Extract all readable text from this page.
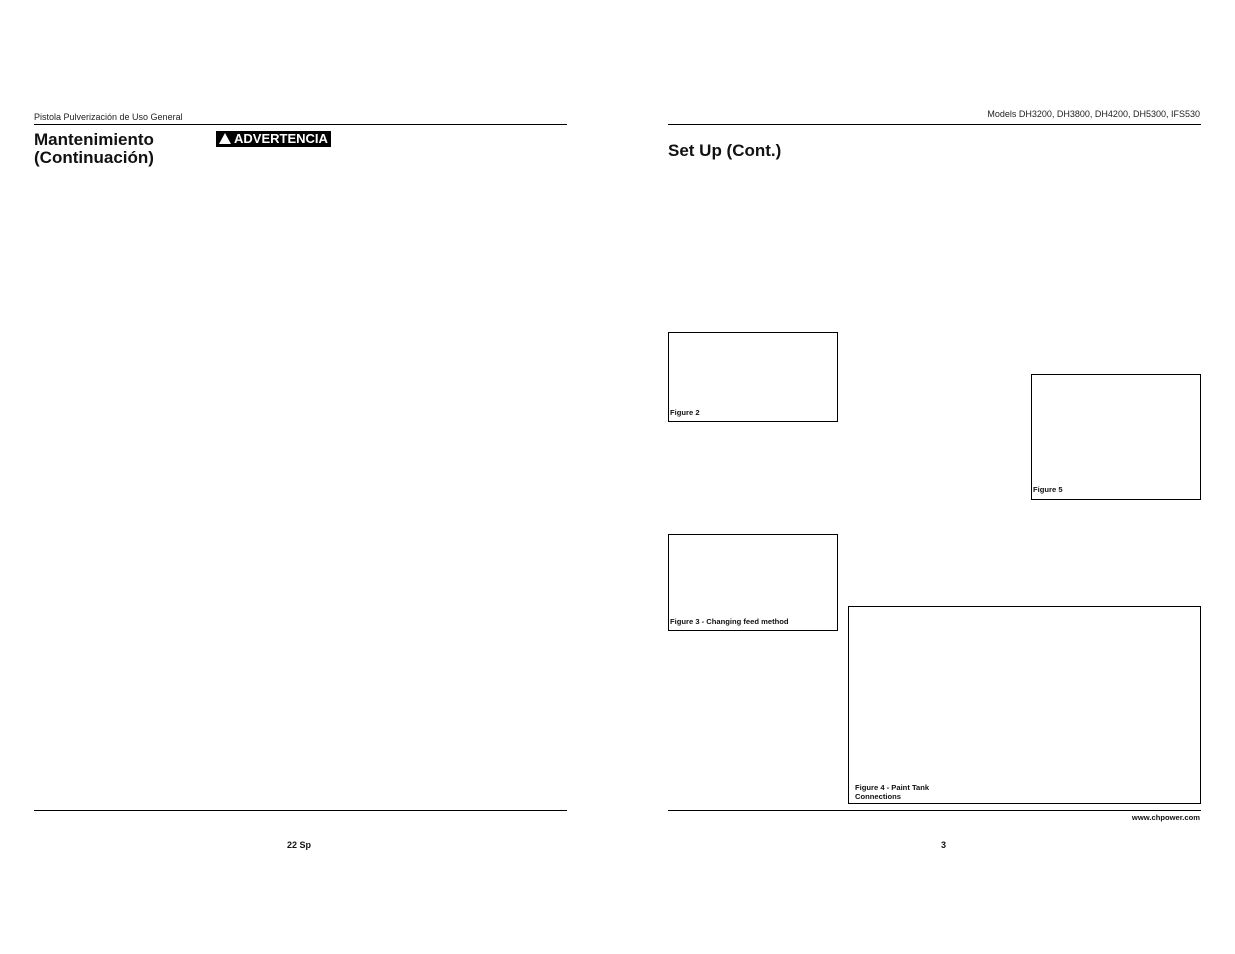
Pistola Pulverización de Uso General
Mantenimiento (Continuación)
ADVERTENCIA
22 Sp
Models DH3200, DH3800, DH4200, DH5300, IFS530
Set Up (Cont.)
Figure 2
Figure 3 - Changing feed method
Figure 4 - Paint Tank Connections
Figure 5
www.chpower.com
3
